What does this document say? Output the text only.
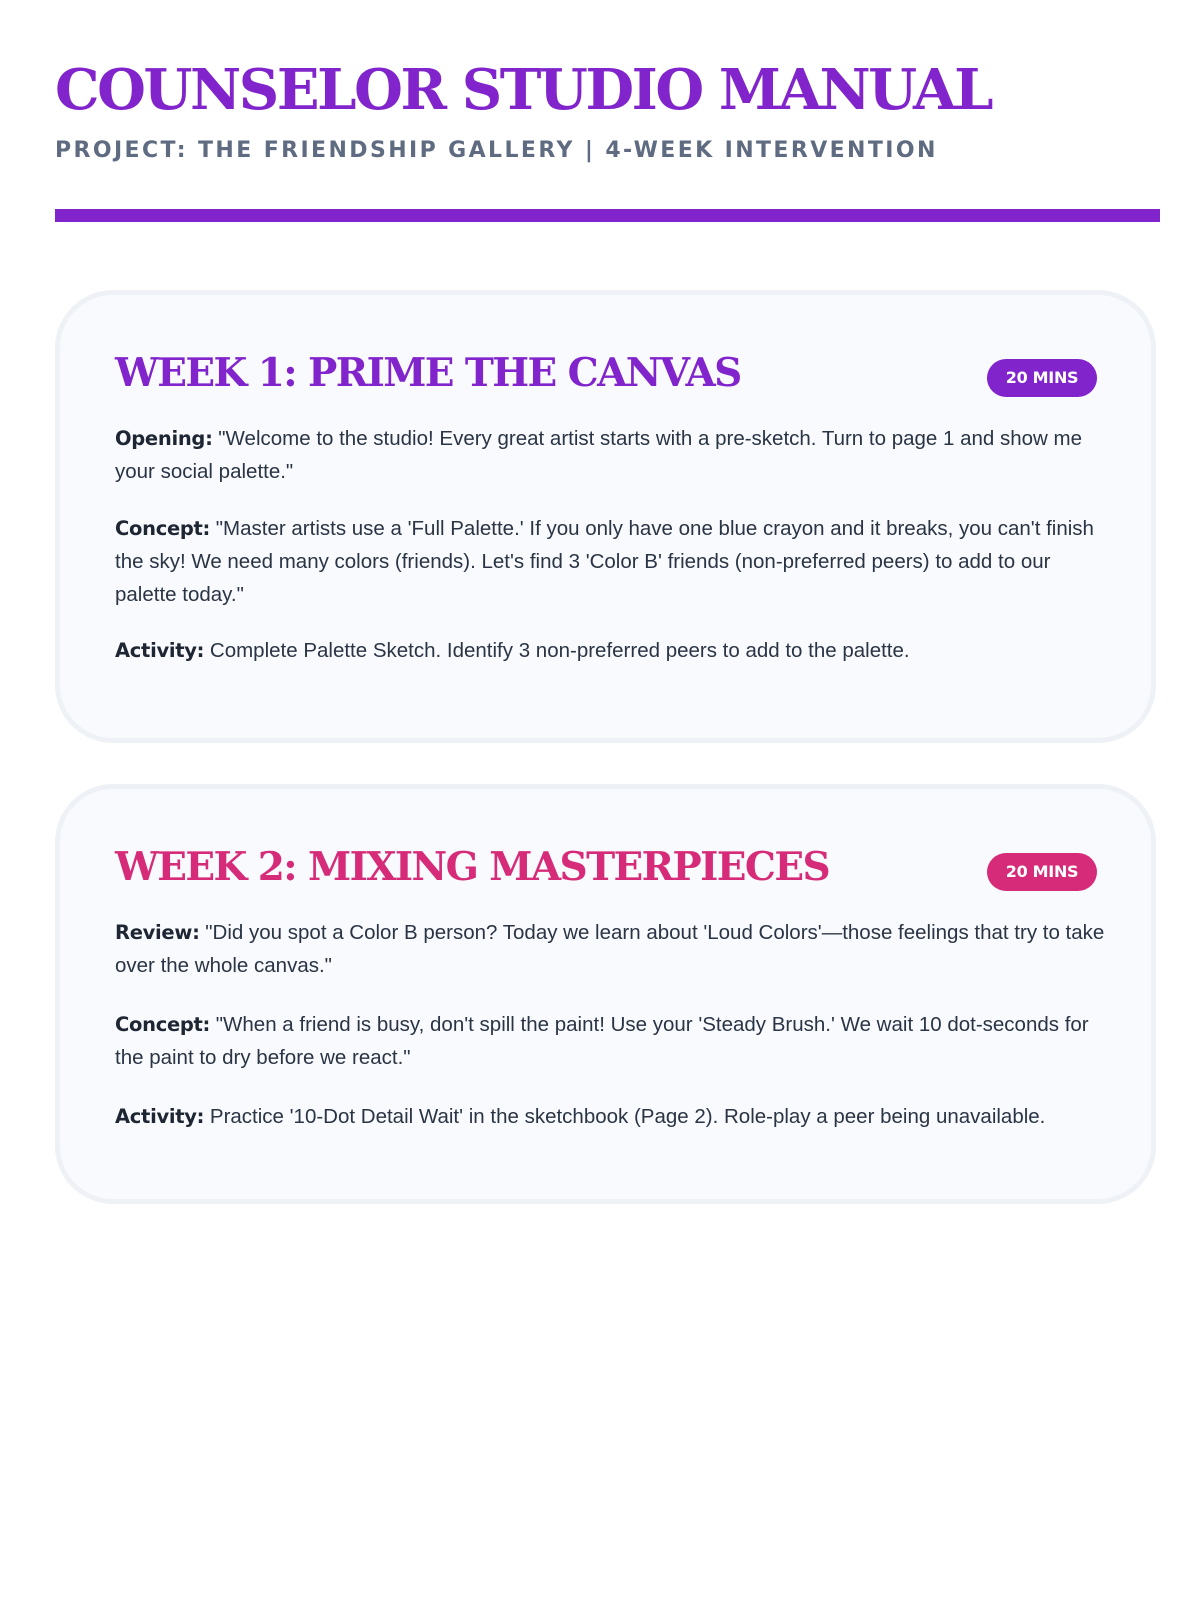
COUNSELOR STUDIO MANUAL
PROJECT: THE FRIENDSHIP GALLERY | 4-WEEK INTERVENTION
WEEK 1: PRIME THE CANVAS	20 MINS

Opening: "Welcome to the studio! Every great artist starts with a pre-sketch. Turn to page 1 and show me your social palette."

Concept: "Master artists use a 'Full Palette.' If you only have one blue crayon and it breaks, you can't finish the sky! We need many colors (friends). Let's find 3 'Color B' friends (non-preferred peers) to add to our palette today."

Activity: Complete Palette Sketch. Identify 3 non-preferred peers to add to the palette.

WEEK 2: MIXING MASTERPIECES	20 MINS

Review: "Did you spot a Color B person? Today we learn about 'Loud Colors'—those feelings that try to take over the whole canvas."

Concept: "When a friend is busy, don't spill the paint! Use your 'Steady Brush.' We wait 10 dot-seconds for the paint to dry before we react."

Activity: Practice '10-Dot Detail Wait' in the sketchbook (Page 2). Role-play a peer being unavailable.
